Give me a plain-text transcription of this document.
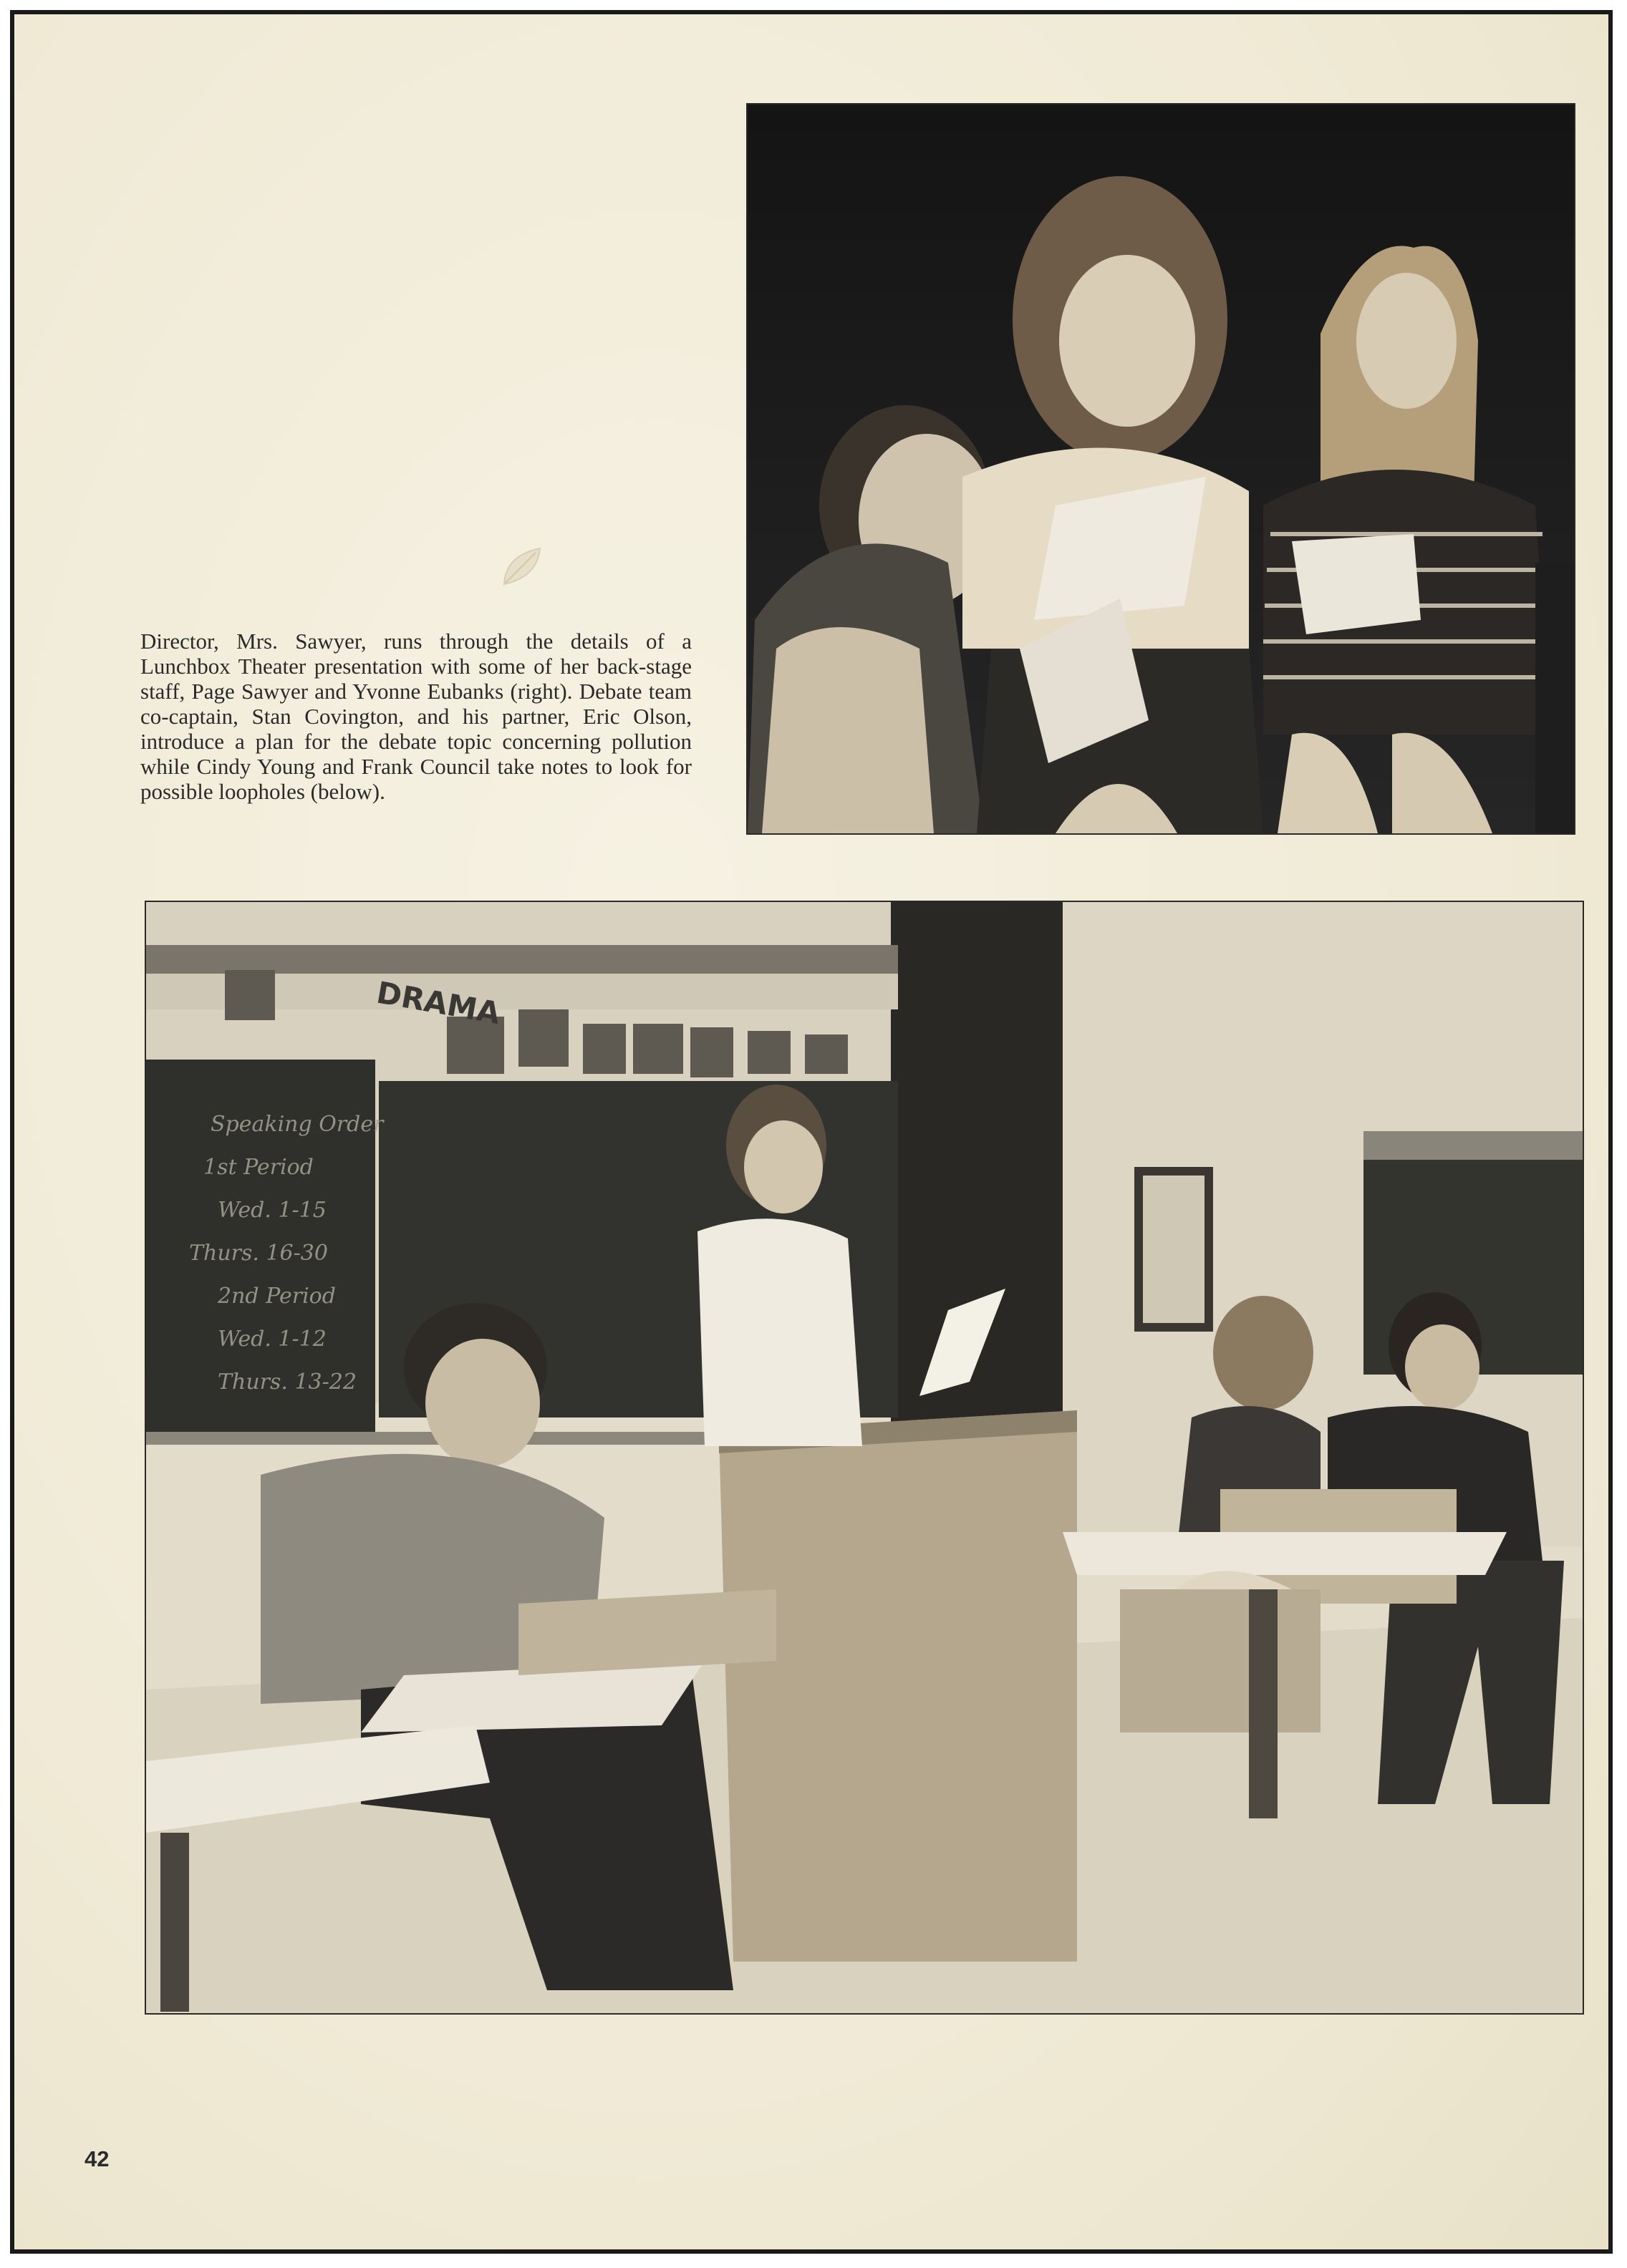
Director, Mrs. Sawyer, runs through the details of a Lunchbox Theater presentation with some of her back-stage staff, Page Sawyer and Yvonne Eubanks (right). Debate team co-captain, Stan Covington, and his partner, Eric Olson, introduce a plan for the debate topic concerning pollution while Cindy Young and Frank Council take notes to look for possible loopholes (below).
DRAMA
Speaking Order
1st Period
Wed. 1-15
Thurs. 16-30
2nd Period
Wed. 1-12
Thurs. 13-22
42
